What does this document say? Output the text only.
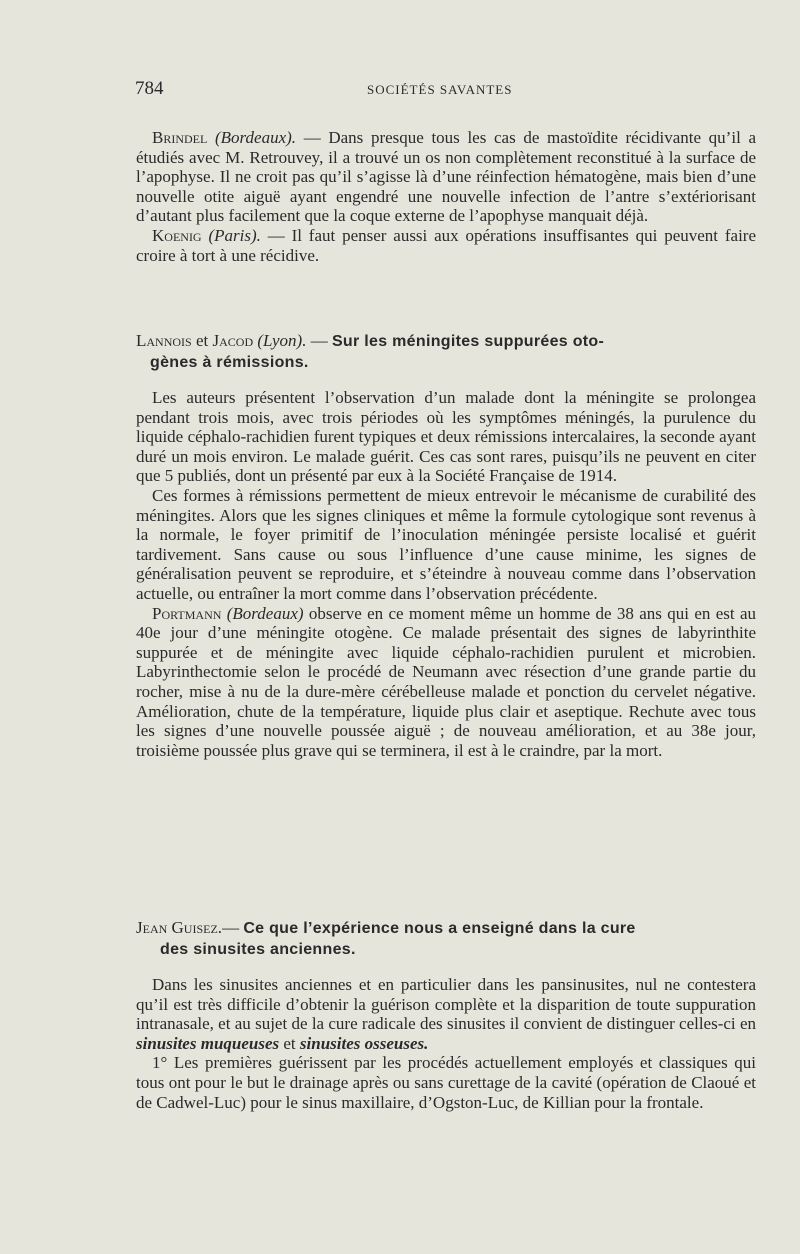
784	SOCIÉTÉS SAVANTES

Brindel (Bordeaux). — Dans presque tous les cas de mastoïdite récidivante qu’il a étudiés avec M. Retrouvey, il a trouvé un os non complètement reconstitué à la surface de l’apophyse. Il ne croit pas qu’il s’agisse là d’une réinfection hématogène, mais bien d’une nouvelle otite aiguë ayant engendré une nouvelle infection de l’antre s’extériorisant d’autant plus facilement que la coque externe de l’apophyse manquait déjà.

Koenig (Paris). — Il faut penser aussi aux opérations insuffisantes qui peuvent faire croire à tort à une récidive.

Lannois et Jacod (Lyon). — Sur les méningites suppurées oto-
gènes à rémissions.

Les auteurs présentent l’observation d’un malade dont la méningite se prolongea pendant trois mois, avec trois périodes où les symptômes méningés, la purulence du liquide céphalo-rachidien furent typiques et deux rémissions intercalaires, la seconde ayant duré un mois environ. Le malade guérit. Ces cas sont rares, puisqu’ils ne peuvent en citer que 5 publiés, dont un présenté par eux à la Société Française de 1914.

Ces formes à rémissions permettent de mieux entrevoir le mécanisme de curabilité des méningites. Alors que les signes cliniques et même la formule cytologique sont revenus à la normale, le foyer primitif de l’inoculation méningée persiste localisé et guérit tardivement. Sans cause ou sous l’influence d’une cause minime, les signes de généralisation peuvent se reproduire, et s’éteindre à nouveau comme dans l’observation actuelle, ou entraîner la mort comme dans l’observation précédente.

Portmann (Bordeaux) observe en ce moment même un homme de 38 ans qui en est au 40e jour d’une méningite otogène. Ce malade présentait des signes de labyrinthite suppurée et de méningite avec liquide céphalo-rachidien purulent et microbien. Labyrinthectomie selon le procédé de Neumann avec résection d’une grande partie du rocher, mise à nu de la dure-mère cérébelleuse malade et ponction du cervelet négative. Amélioration, chute de la température, liquide plus clair et aseptique. Rechute avec tous les signes d’une nouvelle poussée aiguë ; de nouveau amélioration, et au 38e jour, troisième poussée plus grave qui se terminera, il est à le craindre, par la mort.

Jean Guisez.— Ce que l’expérience nous a enseigné dans la cure
des sinusites anciennes.

Dans les sinusites anciennes et en particulier dans les pansinusites, nul ne contestera qu’il est très difficile d’obtenir la guérison complète et la disparition de toute suppuration intranasale, et au sujet de la cure radicale des sinusites il convient de distinguer celles-ci en sinusites muqueuses et sinusites osseuses.

1° Les premières guérissent par les procédés actuellement employés et classiques qui tous ont pour le but le drainage après ou sans curettage de la cavité (opération de Claoué et de Cadwel-Luc) pour le sinus maxillaire, d’Ogston-Luc, de Killian pour la frontale.
